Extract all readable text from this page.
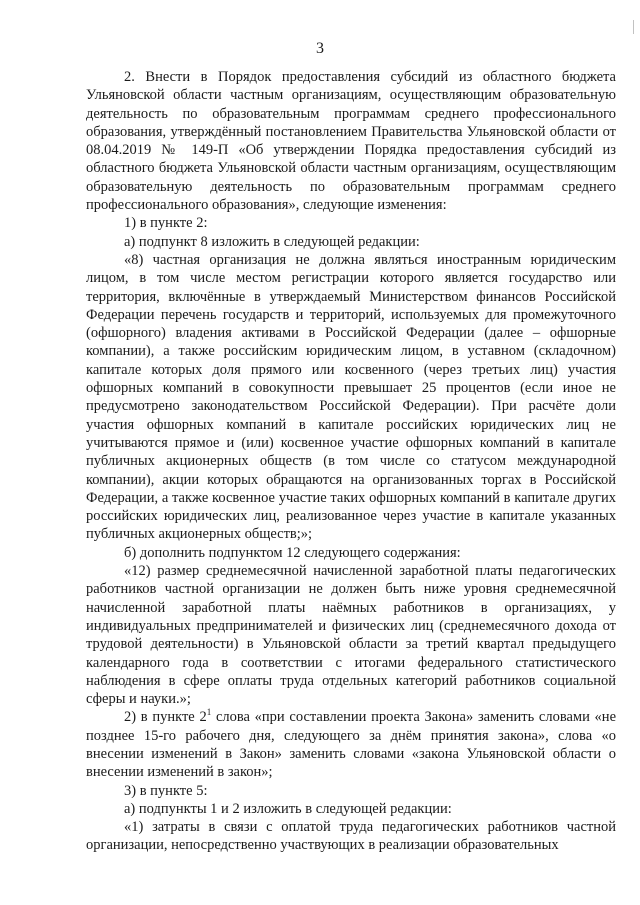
3

2. Внести в Порядок предоставления субсидий из областного бюджета Ульяновской области частным организациям, осуществляющим образовательную деятельность по образовательным программам среднего профессионального образования, утверждённый постановлением Правительства Ульяновской области от 08.04.2019 № 149-П «Об утверждении Порядка предоставления субсидий из областного бюджета Ульяновской области частным организациям, осуществляющим образовательную деятельность по образовательным программам среднего профессионального образования», следующие изменения:

1) в пункте 2:

а) подпункт 8 изложить в следующей редакции:

«8) частная организация не должна являться иностранным юридическим лицом, в том числе местом регистрации которого является государство или территория, включённые в утверждаемый Министерством финансов Российской Федерации перечень государств и территорий, используемых для промежуточного (офшорного) владения активами в Российской Федерации (далее – офшорные компании), а также российским юридическим лицом, в уставном (складочном) капитале которых доля прямого или косвенного (через третьих лиц) участия офшорных компаний в совокупности превышает 25 процентов (если иное не предусмотрено законодательством Российской Федерации). При расчёте доли участия офшорных компаний в капитале российских юридических лиц не учитываются прямое и (или) косвенное участие офшорных компаний в капитале публичных акционерных обществ (в том числе со статусом международной компании), акции которых обращаются на организованных торгах в Российской Федерации, а также косвенное участие таких офшорных компаний в капитале других российских юридических лиц, реализованное через участие в капитале указанных публичных акционерных обществ;»;

б) дополнить подпунктом 12 следующего содержания:

«12) размер среднемесячной начисленной заработной платы педагогических работников частной организации не должен быть ниже уровня среднемесячной начисленной заработной платы наёмных работников в организациях, у индивидуальных предпринимателей и физических лиц (среднемесячного дохода от трудовой деятельности) в Ульяновской области за третий квартал предыдущего календарного года в соответствии с итогами федерального статистического наблюдения в сфере оплаты труда отдельных категорий работников социальной сферы и науки.»;

2) в пункте $2^1$ слова «при составлении проекта Закона» заменить словами «не позднее 15-го рабочего дня, следующего за днём принятия закона», слова «о внесении изменений в Закон» заменить словами «закона Ульяновской области о внесении изменений в закон»;

3) в пункте 5:

а) подпункты 1 и 2 изложить в следующей редакции:

«1) затраты в связи с оплатой труда педагогических работников частной организации, непосредственно участвующих в реализации образовательных
